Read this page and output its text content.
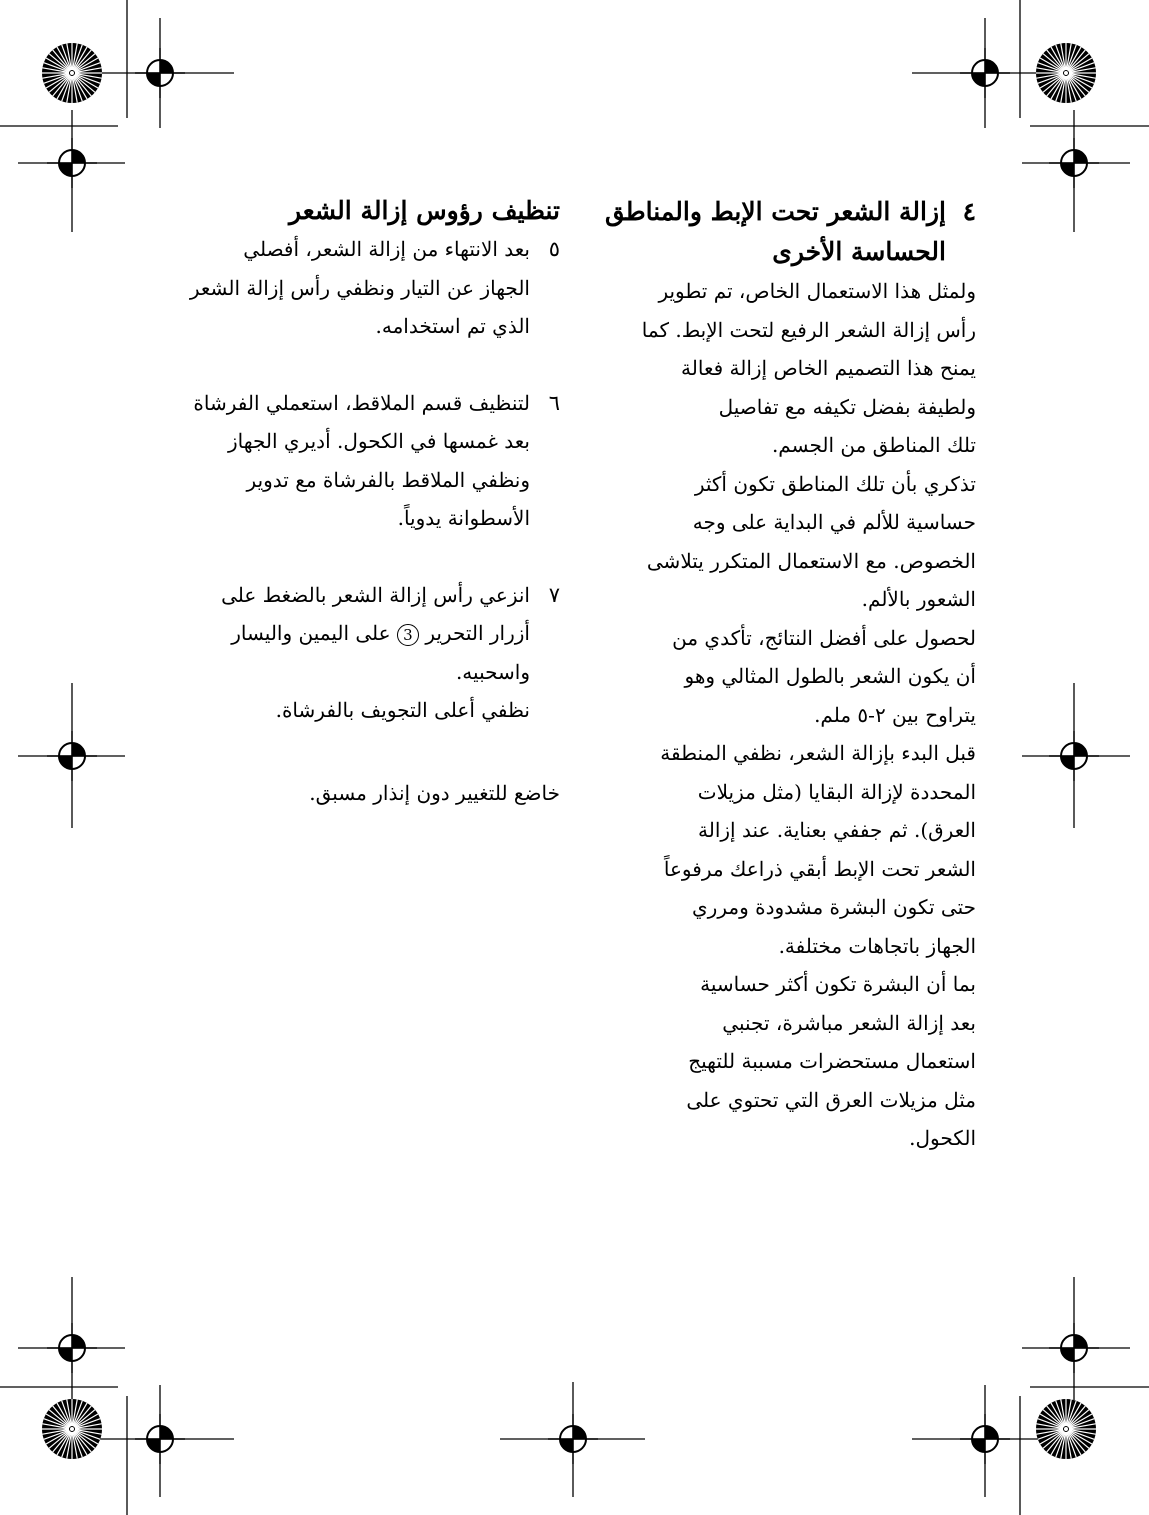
٤

إزالة الشعر تحت الإبط والمناطق

الحساسة الأخرى

ولمثل هذا الاستعمال الخاص، تم تطوير

رأس إزالة الشعر الرفيع لتحت الإبط. كما

يمنح هذا التصميم الخاص إزالة فعالة

ولطيفة بفضل تكيفه مع تفاصيل

تلك المناطق من الجسم.

تذكري بأن تلك المناطق تكون أكثر

حساسية للألم في البداية على وجه

الخصوص. مع الاستعمال المتكرر يتلاشى

الشعور بالألم.

لحصول على أفضل النتائج، تأكدي من

أن يكون الشعر بالطول المثالي وهو

يتراوح بين ٢-٥ ملم.

قبل البدء بإزالة الشعر، نظفي المنطقة

المحددة لإزالة البقايا (مثل مزيلات

العرق). ثم جففي بعناية. عند إزالة

الشعر تحت الإبط أبقي ذراعك مرفوعاً

حتى تكون البشرة مشدودة ومرري

الجهاز باتجاهات مختلفة.

بما أن البشرة تكون أكثر حساسية

بعد إزالة الشعر مباشرة، تجنبي

استعمال مستحضرات مسببة للتهيج

مثل مزيلات العرق التي تحتوي على

الكحول.

تنظيف رؤوس إزالة الشعر

٥

بعد الانتهاء من إزالة الشعر، أفصلي

الجهاز عن التيار ونظفي رأس إزالة الشعر

الذي تم استخدامه.

٦

لتنظيف قسم الملاقط، استعملي الفرشاة

بعد غمسها في الكحول. أديري الجهاز

ونظفي الملاقط بالفرشاة مع تدوير

الأسطوانة يدوياً.

٧

انزعي رأس إزالة الشعر بالضغط على

أزرار التحرير 3 على اليمين واليسار

واسحبيه.

نظفي أعلى التجويف بالفرشاة.

خاضع للتغيير دون إنذار مسبق.
